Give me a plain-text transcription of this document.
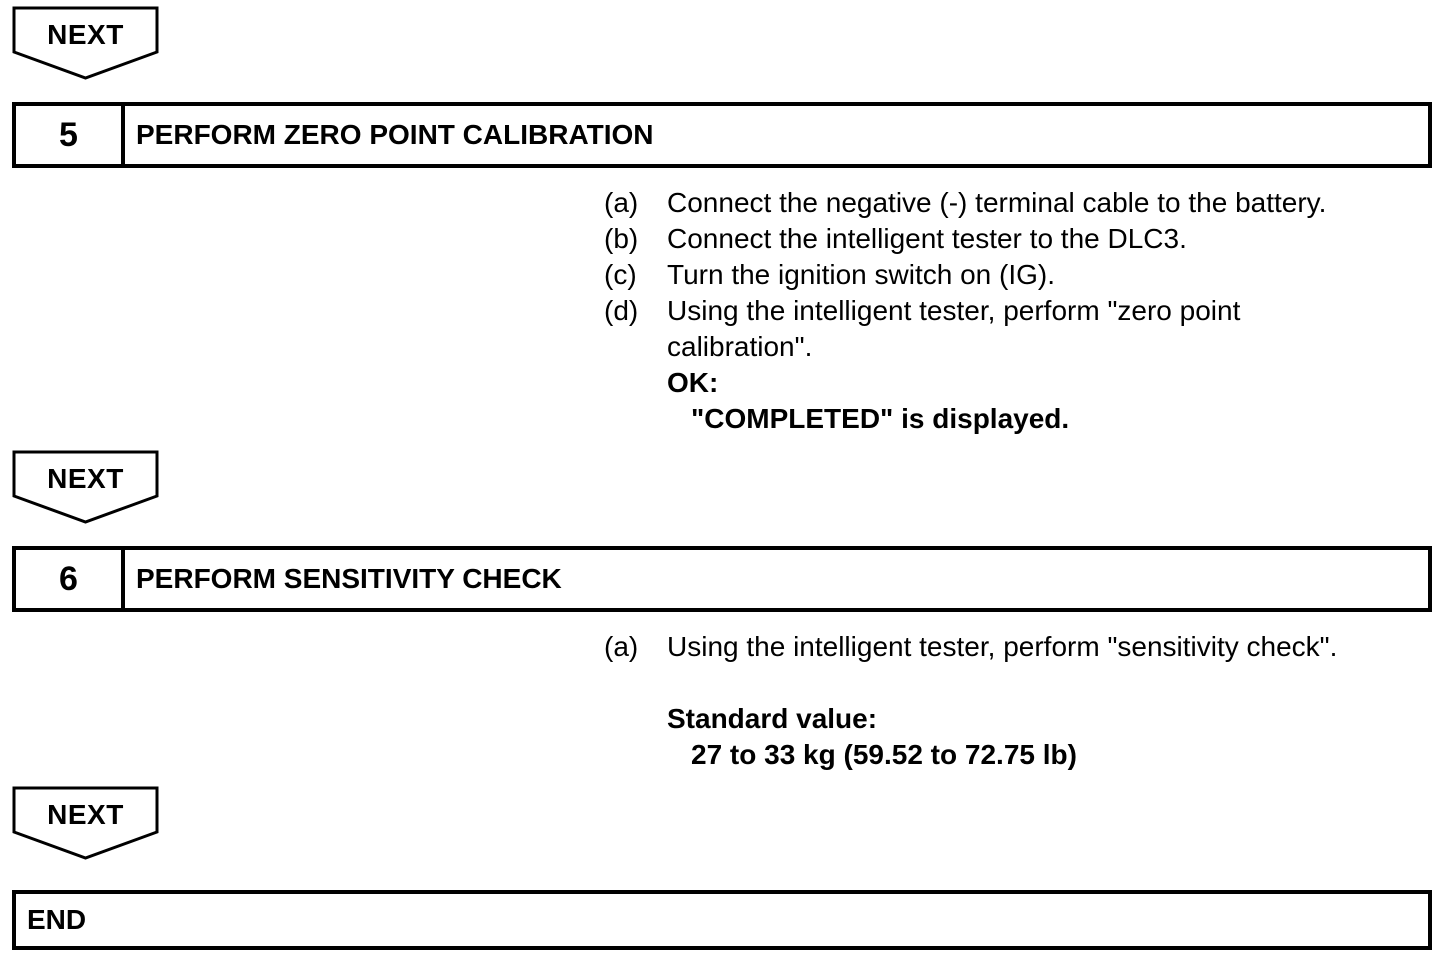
NEXT
5	PERFORM ZERO POINT CALIBRATION
(a) Connect the negative (-) terminal cable to the battery.
(b) Connect the intelligent tester to the DLC3.
(c) Turn the ignition switch on (IG).
(d) Using the intelligent tester, perform "zero point
calibration".
OK:
"COMPLETED" is displayed.
NEXT
6	PERFORM SENSITIVITY CHECK
(a) Using the intelligent tester, perform "sensitivity check".
Standard value:
27 to 33 kg (59.52 to 72.75 lb)
NEXT
END
